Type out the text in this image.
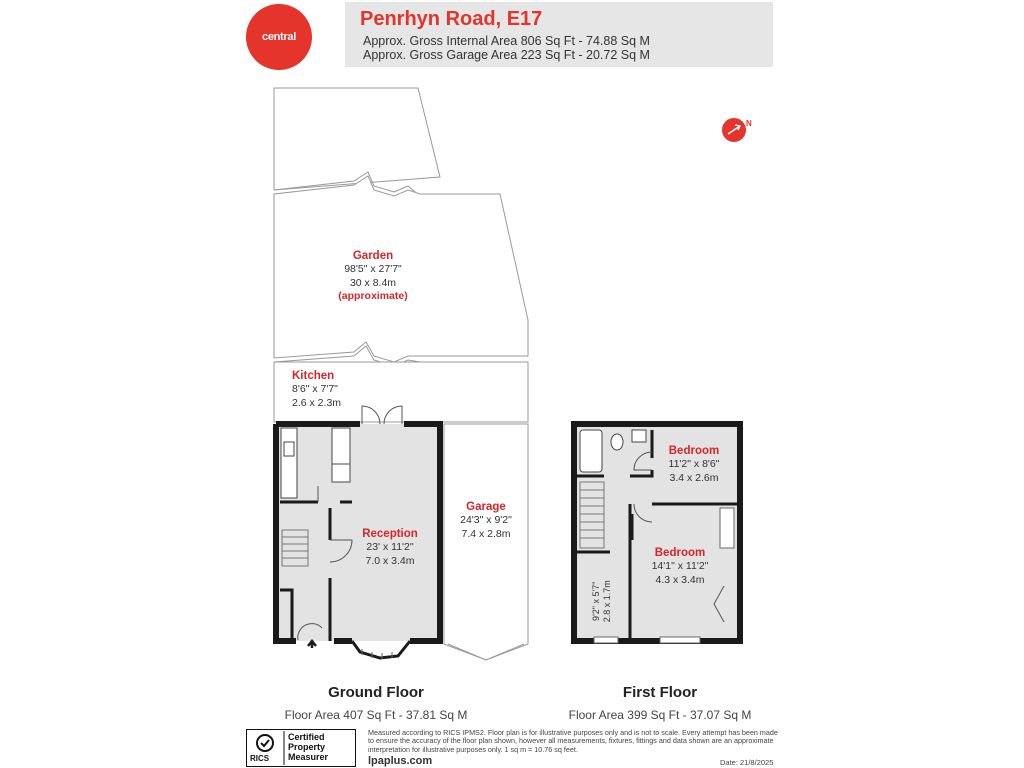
central
Penrhyn Road, E17
Approx. Gross Internal Area 806 Sq Ft - 74.88 Sq M
Approx. Gross Garage Area 223 Sq Ft - 20.72 Sq M
N
Garden
98'5" x 27'7"
30 x 8.4m
(approximate)
Kitchen
8'6" x 7'7"
2.6 x 2.3m
Reception
23' x 11'2"
7.0 x 3.4m
Garage
24'3" x 9'2"
7.4 x 2.8m
Bedroom
11'2" x 8'6"
3.4 x 2.6m
Bedroom
14'1" x 11'2"
4.3 x 3.4m
9'2" x 5'7" 2.8 x 1.7m
Ground Floor
Floor Area 407 Sq Ft - 37.81 Sq M
First Floor
Floor Area 399 Sq Ft - 37.07 Sq M
Certified
Property
Measurer
RICS
Measured according to RICS IPMS2. Floor plan is for illustrative purposes only and is not to scale. Every attempt has been made to ensure the accuracy of the floor plan shown, however all measurements, fixtures, fittings and data shown are an approximate interpretation for illustrative purposes only. 1 sq m = 10.76 sq feet.
lpaplus.com	Date: 21/8/2025
